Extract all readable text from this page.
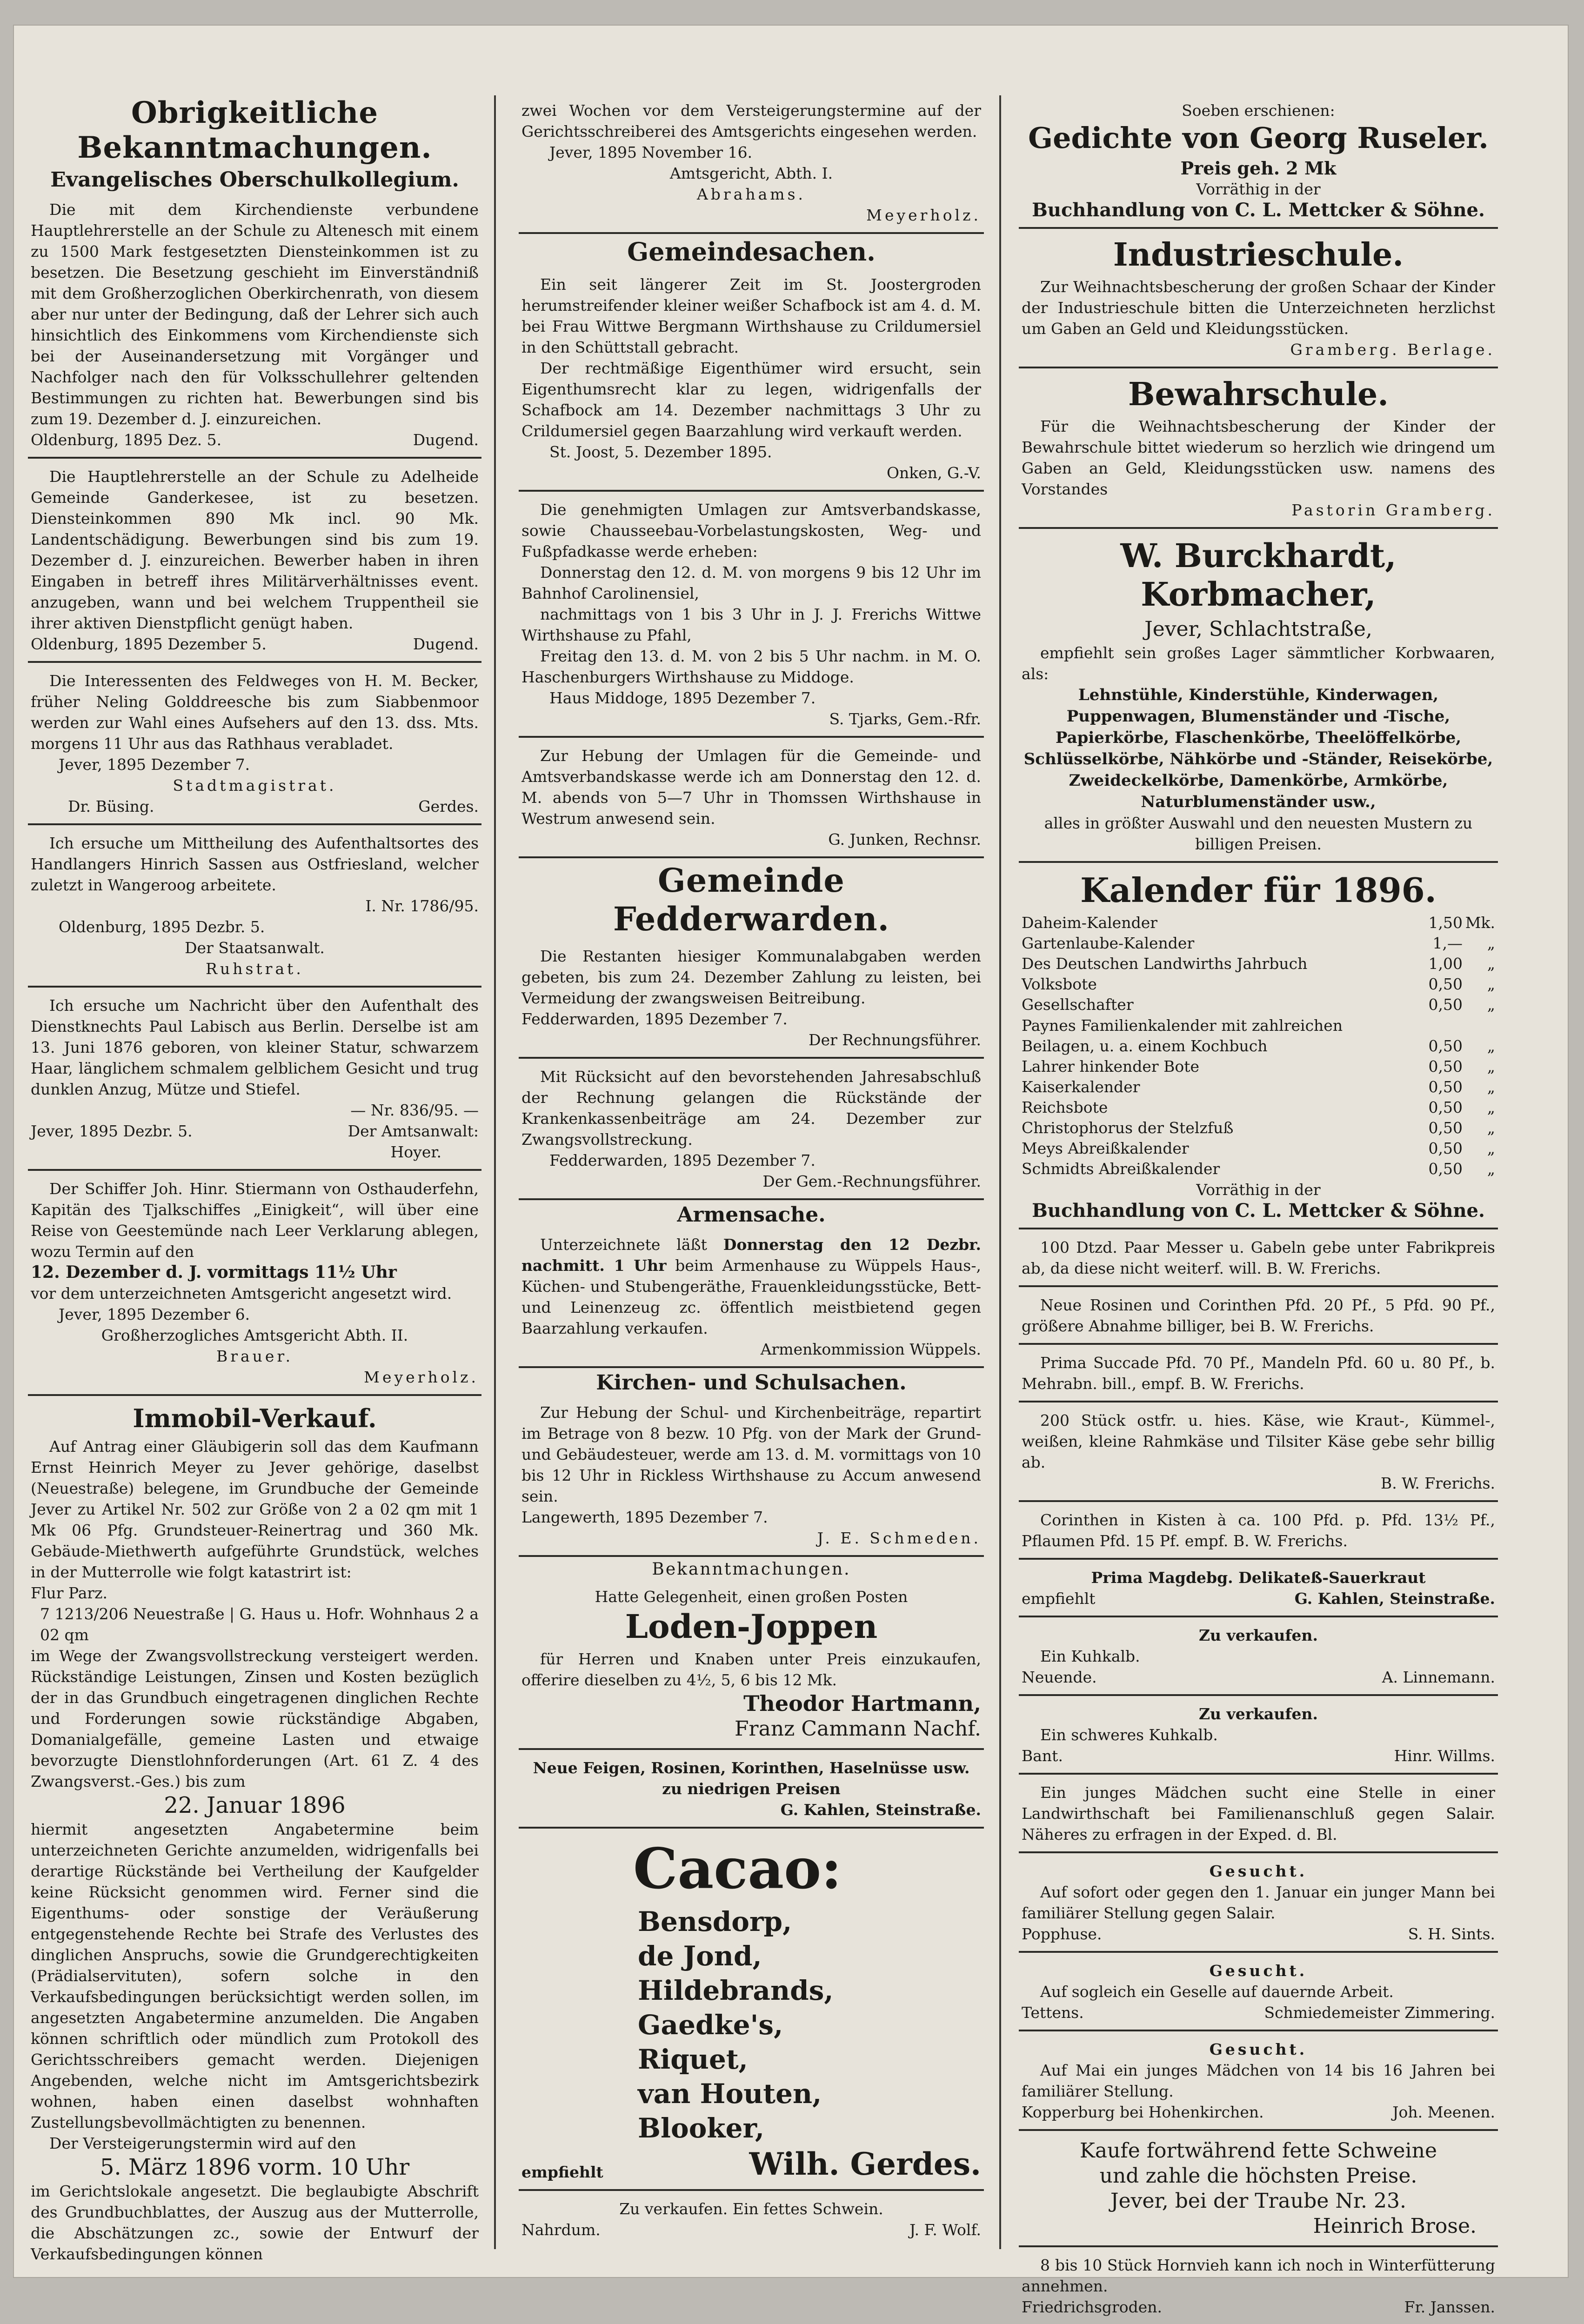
Obrigkeitliche Bekanntmachungen.
Evangelisches Oberschulkollegium.

Die mit dem Kirchendienste verbundene Hauptlehrerstelle an der Schule zu Altenesch mit einem zu 1500 Mark festgesetzten Diensteinkommen ist zu besetzen. Die Besetzung geschieht im Einverständniß mit dem Großherzoglichen Oberkirchenrath, von diesem aber nur unter der Bedingung, daß der Lehrer sich auch hinsichtlich des Einkommens vom Kirchendienste sich bei der Auseinandersetzung mit Vorgänger und Nachfolger nach den für Volksschullehrer geltenden Bestimmungen zu richten hat. Bewerbungen sind bis zum 19. Dezember d. J. einzureichen.

Oldenburg, 1895 Dez. 5.	Dugend.

Die Hauptlehrerstelle an der Schule zu Adelheide Gemeinde Ganderkesee, ist zu besetzen. Diensteinkommen 890 Mk incl. 90 Mk. Landentschädigung. Bewerbungen sind bis zum 19. Dezember d. J. einzureichen. Bewerber haben in ihren Eingaben in betreff ihres Militärverhältnisses event. anzugeben, wann und bei welchem Truppentheil sie ihrer aktiven Dienstpflicht genügt haben.

Oldenburg, 1895 Dezember 5.	Dugend.

Die Interessenten des Feldweges von H. M. Becker, früher Neling Golddreesche bis zum Siabbenmoor werden zur Wahl eines Aufsehers auf den 13. dss. Mts. morgens 11 Uhr aus das Rathhaus verabladet.

Jever, 1895 Dezember 7.

Stadtmagistrat.

Dr. Büsing.	Gerdes.

Ich ersuche um Mittheilung des Aufenthaltsortes des Handlangers Hinrich Sassen aus Ostfriesland, welcher zuletzt in Wangeroog arbeitete.

I. Nr. 1786/95.

Oldenburg, 1895 Dezbr. 5.

Der Staatsanwalt.

Ruhstrat.

Ich ersuche um Nachricht über den Aufenthalt des Dienstknechts Paul Labisch aus Berlin. Derselbe ist am 13. Juni 1876 geboren, von kleiner Statur, schwarzem Haar, länglichem schmalem gelblichem Gesicht und trug dunklen Anzug, Mütze und Stiefel.

— Nr. 836/95. —

Jever, 1895 Dezbr. 5.	Der Amtsanwalt:

Hoyer.

Der Schiffer Joh. Hinr. Stiermann von Osthauderfehn, Kapitän des Tjalkschiffes „Einigkeit“, will über eine Reise von Geestemünde nach Leer Verklarung ablegen, wozu Termin auf den

12. Dezember d. J. vormittags 11½ Uhr

vor dem unterzeichneten Amtsgericht angesetzt wird.

Jever, 1895 Dezember 6.

Großherzogliches Amtsgericht Abth. II.

Brauer.

Meyerholz.

Immobil-Verkauf.

Auf Antrag einer Gläubigerin soll das dem Kaufmann Ernst Heinrich Meyer zu Jever gehörige, daselbst (Neuestraße) belegene, im Grundbuche der Gemeinde Jever zu Artikel Nr. 502 zur Größe von 2 a 02 qm mit 1 Mk 06 Pfg. Grundsteuer-Reinertrag und 360 Mk. Gebäude-Miethwerth aufgeführte Grundstück, welches in der Mutterrolle wie folgt katastrirt ist:

Flur Parz.

7 1213/206 Neuestraße | G. Haus u. Hofr. Wohnhaus 2 a 02 qm

im Wege der Zwangsvollstreckung versteigert werden. Rückständige Leistungen, Zinsen und Kosten bezüglich der in das Grundbuch eingetragenen dinglichen Rechte und Forderungen sowie rückständige Abgaben, Domanialgefälle, gemeine Lasten und etwaige bevorzugte Dienstlohnforderungen (Art. 61 Z. 4 des Zwangsverst.-Ges.) bis zum

22. Januar 1896

hiermit angesetzten Angabetermine beim unterzeichneten Gerichte anzumelden, widrigenfalls bei derartige Rückstände bei Vertheilung der Kaufgelder keine Rücksicht genommen wird. Ferner sind die Eigenthums- oder sonstige der Veräußerung entgegenstehende Rechte bei Strafe des Verlustes des dinglichen Anspruchs, sowie die Grundgerechtigkeiten (Prädialservituten), sofern solche in den Verkaufsbedingungen berücksichtigt werden sollen, im angesetzten Angabetermine anzumelden. Die Angaben können schriftlich oder mündlich zum Protokoll des Gerichtsschreibers gemacht werden. Diejenigen Angebenden, welche nicht im Amtsgerichtsbezirk wohnen, haben einen daselbst wohnhaften Zustellungsbevollmächtigten zu benennen.

Der Versteigerungstermin wird auf den

5. März 1896 vorm. 10 Uhr

im Gerichtslokale angesetzt. Die beglaubigte Abschrift des Grundbuchblattes, der Auszug aus der Mutterrolle, die Abschätzungen zc., sowie der Entwurf der Verkaufsbedingungen können

zwei Wochen vor dem Versteigerungstermine auf der Gerichtsschreiberei des Amtsgerichts eingesehen werden.

Jever, 1895 November 16.

Amtsgericht, Abth. I.

Abrahams.

Meyerholz.

Gemeindesachen.

Ein seit längerer Zeit im St. Joostergroden herumstreifender kleiner weißer Schafbock ist am 4. d. M. bei Frau Wittwe Bergmann Wirthshause zu Crildumersiel in den Schüttstall gebracht.

Der rechtmäßige Eigenthümer wird ersucht, sein Eigenthumsrecht klar zu legen, widrigenfalls der Schafbock am 14. Dezember nachmittags 3 Uhr zu Crildumersiel gegen Baarzahlung wird verkauft werden.

St. Joost, 5. Dezember 1895.

Onken, G.-V.

Die genehmigten Umlagen zur Amtsverbandskasse, sowie Chausseebau-Vorbelastungskosten, Weg- und Fußpfadkasse werde erheben:

Donnerstag den 12. d. M. von morgens 9 bis 12 Uhr im Bahnhof Carolinensiel,

nachmittags von 1 bis 3 Uhr in J. J. Frerichs Wittwe Wirthshause zu Pfahl,

Freitag den 13. d. M. von 2 bis 5 Uhr nachm. in M. O. Haschenburgers Wirthshause zu Middoge.

Haus Middoge, 1895 Dezember 7.

S. Tjarks, Gem.-Rfr.

Zur Hebung der Umlagen für die Gemeinde- und Amtsverbandskasse werde ich am Donnerstag den 12. d. M. abends von 5—7 Uhr in Thomssen Wirthshause in Westrum anwesend sein.

G. Junken, Rechnsr.

Gemeinde Fedderwarden.

Die Restanten hiesiger Kommunalabgaben werden gebeten, bis zum 24. Dezember Zahlung zu leisten, bei Vermeidung der zwangsweisen Beitreibung.

Fedderwarden, 1895 Dezember 7.

Der Rechnungsführer.

Mit Rücksicht auf den bevorstehenden Jahresabschluß der Rechnung gelangen die Rückstände der Krankenkassenbeiträge am 24. Dezember zur Zwangsvollstreckung.

Fedderwarden, 1895 Dezember 7.

Der Gem.-Rechnungsführer.

Armensache.

Unterzeichnete läßt Donnerstag den 12 Dezbr. nachmitt. 1 Uhr beim Armenhause zu Wüppels Haus-, Küchen- und Stubengeräthe, Frauenkleidungsstücke, Bett- und Leinenzeug zc. öffentlich meistbietend gegen Baarzahlung verkaufen.

Armenkommission Wüppels.

Kirchen- und Schulsachen.

Zur Hebung der Schul- und Kirchenbeiträge, repartirt im Betrage von 8 bezw. 10 Pfg. von der Mark der Grund- und Gebäudesteuer, werde am 13. d. M. vormittags von 10 bis 12 Uhr in Rickless Wirthshause zu Accum anwesend sein.

Langewerth, 1895 Dezember 7.

J. E. Schmeden.

Bekanntmachungen.

Hatte Gelegenheit, einen großen Posten

Loden-Joppen

für Herren und Knaben unter Preis einzukaufen, offerire dieselben zu 4½, 5, 6 bis 12 Mk.

Theodor Hartmann,

Franz Cammann Nachf.

Neue Feigen, Rosinen, Korinthen, Haselnüsse usw. zu niedrigen Preisen

G. Kahlen, Steinstraße.

Cacao:

Bensdorp,

de Jond,

Hildebrands,

Gaedke's,

Riquet,

van Houten,

Blooker,

empfiehlt	Wilh. Gerdes.

Zu verkaufen. Ein fettes Schwein.

Nahrdum.	J. F. Wolf.

Soeben erschienen:

Gedichte von Georg Ruseler.

Preis geh. 2 Mk

Vorräthig in der

Buchhandlung von C. L. Mettcker & Söhne.

Industrieschule.

Zur Weihnachtsbescherung der großen Schaar der Kinder der Industrieschule bitten die Unterzeichneten herzlichst um Gaben an Geld und Kleidungsstücken.

Gramberg. Berlage.

Bewahrschule.

Für die Weihnachtsbescherung der Kinder der Bewahrschule bittet wiederum so herzlich wie dringend um Gaben an Geld, Kleidungsstücken usw. namens des Vorstandes

Pastorin Gramberg.

W. Burckhardt, Korbmacher,

Jever, Schlachtstraße,

empfiehlt sein großes Lager sämmtlicher Korbwaaren, als:

Lehnstühle, Kinderstühle, Kinderwagen, Puppenwagen, Blumenständer und -Tische, Papierkörbe, Flaschenkörbe, Theelöffelkörbe, Schlüsselkörbe, Nähkörbe und -Ständer, Reisekörbe, Zweideckelkörbe, Damenkörbe, Armkörbe, Naturblumenständer usw.,

alles in größter Auswahl und den neuesten Mustern zu billigen Preisen.

Kalender für 1896.
Daheim-Kalender	1,50 Mk.
Gartenlaube-Kalender	1,—	„
Des Deutschen Landwirths Jahrbuch	1,00	„
Volksbote	0,50	„
Gesellschafter	0,50	„

Paynes Familienkalender mit zahlreichen

Beilagen, u. a. einem Kochbuch	0,50	„
Lahrer hinkender Bote	0,50	„
Kaiserkalender	0,50	„
Reichsbote	0,50	„
Christophorus der Stelzfuß	0,50	„
Meys Abreißkalender	0,50	„
Schmidts Abreißkalender	0,50	„

Vorräthig in der

Buchhandlung von C. L. Mettcker & Söhne.

100 Dtzd. Paar Messer u. Gabeln gebe unter Fabrikpreis ab, da diese nicht weiterf. will. B. W. Frerichs.

Neue Rosinen und Corinthen Pfd. 20 Pf., 5 Pfd. 90 Pf., größere Abnahme billiger, bei B. W. Frerichs.

Prima Succade Pfd. 70 Pf., Mandeln Pfd. 60 u. 80 Pf., b. Mehrabn. bill., empf. B. W. Frerichs.

200 Stück ostfr. u. hies. Käse, wie Kraut-, Kümmel-, weißen, kleine Rahmkäse und Tilsiter Käse gebe sehr billig ab.

B. W. Frerichs.

Corinthen in Kisten à ca. 100 Pfd. p. Pfd. 13½ Pf., Pflaumen Pfd. 15 Pf. empf. B. W. Frerichs.

Prima Magdebg. Delikateß-Sauerkraut

empfiehlt	G. Kahlen, Steinstraße.

Zu verkaufen.

Ein Kuhkalb.

Neuende.	A. Linnemann.

Zu verkaufen.

Ein schweres Kuhkalb.

Bant.	Hinr. Willms.

Ein junges Mädchen sucht eine Stelle in einer Landwirthschaft bei Familienanschluß gegen Salair. Näheres zu erfragen in der Exped. d. Bl.

Gesucht.

Auf sofort oder gegen den 1. Januar ein junger Mann bei familiärer Stellung gegen Salair.

Popphuse.	S. H. Sints.

Gesucht.

Auf sogleich ein Geselle auf dauernde Arbeit.

Tettens.	Schmiedemeister Zimmering.

Gesucht.

Auf Mai ein junges Mädchen von 14 bis 16 Jahren bei familiärer Stellung.

Kopperburg bei Hohenkirchen.	Joh. Meenen.

Kaufe fortwährend fette Schweine

und zahle die höchsten Preise.

Jever, bei der Traube Nr. 23.

Heinrich Brose.

8 bis 10 Stück Hornvieh kann ich noch in Winterfütterung annehmen.

Friedrichsgroden.	Fr. Janssen.
